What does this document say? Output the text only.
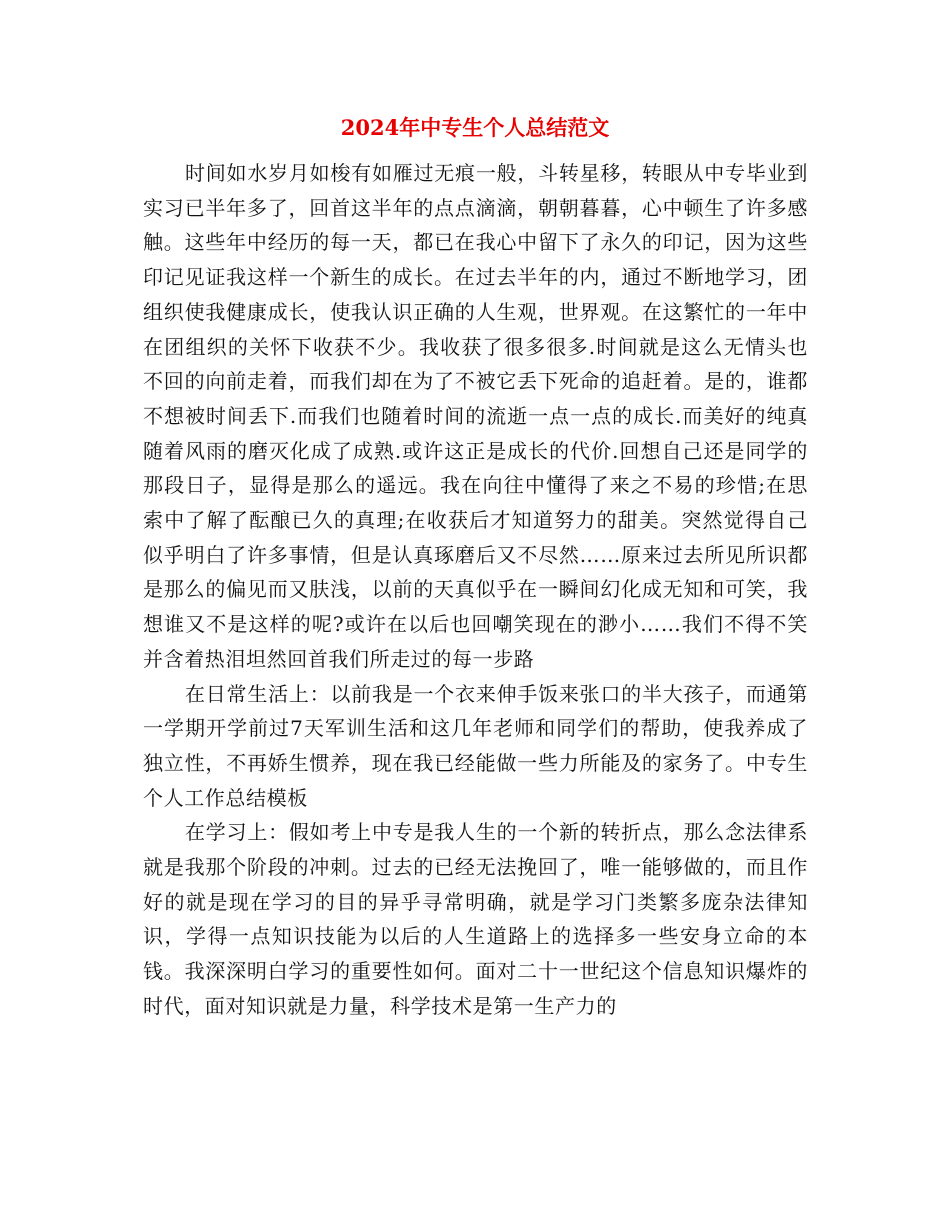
2024年中专生个人总结范文

时间如水岁月如梭有如雁过无痕一般，斗转星移，转眼从中专毕业到实习已半年多了，回首这半年的点点滴滴，朝朝暮暮，心中顿生了许多感触。这些年中经历的每一天，都已在我心中留下了永久的印记，因为这些印记见证我这样一个新生的成长。在过去半年的内，通过不断地学习，团组织使我健康成长，使我认识正确的人生观，世界观。在这繁忙的一年中在团组织的关怀下收获不少。我收获了很多很多.时间就是这么无情头也不回的向前走着，而我们却在为了不被它丢下死命的追赶着。是的，谁都不想被时间丢下.而我们也随着时间的流逝一点一点的成长.而美好的纯真随着风雨的磨灭化成了成熟.或许这正是成长的代价.回想自己还是同学的那段日子，显得是那么的遥远。我在向往中懂得了来之不易的珍惜;在思索中了解了酝酿已久的真理;在收获后才知道努力的甜美。突然觉得自己似乎明白了许多事情，但是认真琢磨后又不尽然……原来过去所见所识都是那么的偏见而又肤浅，以前的天真似乎在一瞬间幻化成无知和可笑，我想谁又不是这样的呢?或许在以后也回嘲笑现在的渺小……我们不得不笑并含着热泪坦然回首我们所走过的每一步路

在日常生活上：以前我是一个衣来伸手饭来张口的半大孩子，而通第一学期开学前过7天军训生活和这几年老师和同学们的帮助，使我养成了独立性，不再娇生惯养，现在我已经能做一些力所能及的家务了。中专生个人工作总结模板

在学习上：假如考上中专是我人生的一个新的转折点，那么念法律系就是我那个阶段的冲刺。过去的已经无法挽回了，唯一能够做的，而且作好的就是现在学习的目的异乎寻常明确，就是学习门类繁多庞杂法律知识，学得一点知识技能为以后的人生道路上的选择多一些安身立命的本钱。我深深明白学习的重要性如何。面对二十一世纪这个信息知识爆炸的时代，面对知识就是力量，科学技术是第一生产力的
